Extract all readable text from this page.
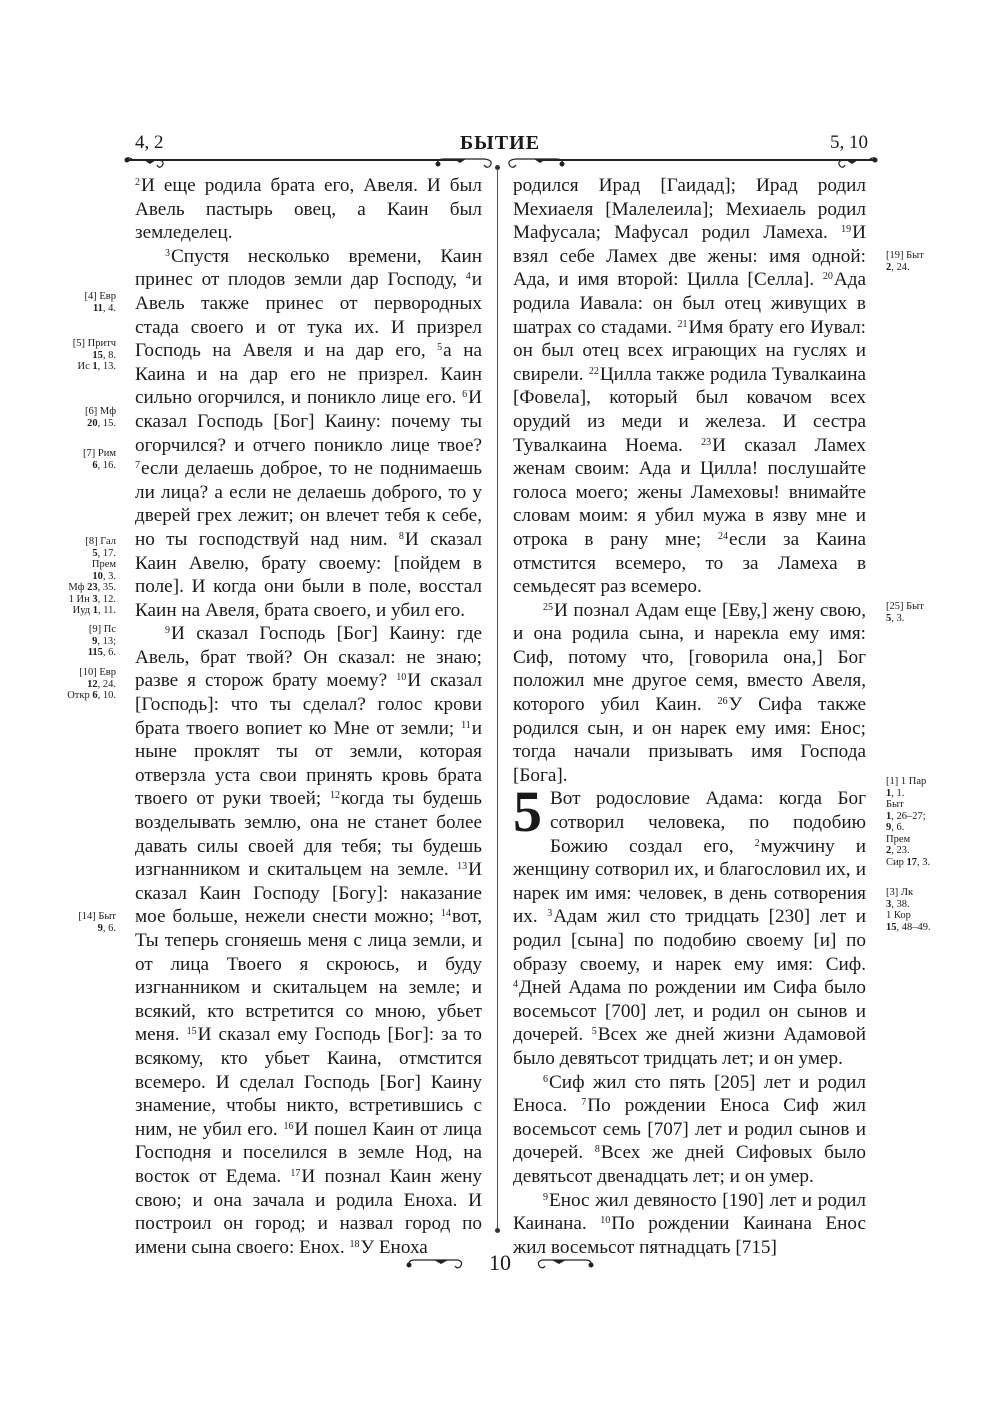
4, 2	БЫТИЕ	5, 10

$^2$И еще родила брата его, Авеля. И был Авель пастырь овец, а Каин был земледелец.

$^3$Спустя несколько времени, Каин принес от плодов земли дар Господу, $^4$и Авель также принес от первородных стада своего и от тука их. И призрел Господь на Авеля и на дар его, $^5$а на Каина и на дар его не призрел. Каин сильно огорчился, и поникло лице его. $^6$И сказал Господь [Бог] Каину: почему ты огорчился? и отчего поникло лице твое? $^7$если делаешь доброе, то не поднимаешь ли лица? а если не делаешь доброго, то у дверей грех лежит; он влечет тебя к себе, но ты господствуй над ним. $^8$И сказал Каин Авелю, брату своему: [пойдем в поле]. И когда они были в поле, восстал Каин на Авеля, брата своего, и убил его.

$^9$И сказал Господь [Бог] Каину: где Авель, брат твой? Он сказал: не знаю; разве я сторож брату моему? $^{10}$И сказал [Господь]: что ты сделал? голос крови брата твоего вопиет ко Мне от земли; $^{11}$и ныне проклят ты от земли, которая отверзла уста свои принять кровь брата твоего от руки твоей; $^{12}$когда ты будешь возделывать землю, она не станет более давать силы своей для тебя; ты будешь изгнанником и скитальцем на земле. $^{13}$И сказал Каин Господу [Богу]: наказание мое больше, нежели снести можно; $^{14}$вот, Ты теперь сгоняешь меня с лица земли, и от лица Твоего я скроюсь, и буду изгнанником и скитальцем на земле; и всякий, кто встретится со мною, убьет меня. $^{15}$И сказал ему Господь [Бог]: за то всякому, кто убьет Каина, отмстится всемеро. И сделал Господь [Бог] Каину знамение, чтобы никто, встретившись с ним, не убил его. $^{16}$И пошел Каин от лица Господня и поселился в земле Нод, на восток от Едема. $^{17}$И познал Каин жену свою; и она зачала и родила Еноха. И построил он город; и назвал город по имени сына своего: Енох. $^{18}$У Еноха

родился Ирад [Гаидад]; Ирад родил Мехиаеля [Малелеила]; Мехиаель родил Мафусала; Мафусал родил Ламеха. $^{19}$И взял себе Ламех две жены: имя одной: Ада, и имя второй: Цилла [Селла]. $^{20}$Ада родила Иавала: он был отец живущих в шатрах со стадами. $^{21}$Имя брату его Иувал: он был отец всех играющих на гуслях и свирели. $^{22}$Цилла также родила Тувалкаина [Фовела], который был ковачом всех орудий из меди и железа. И сестра Тувалкаина Ноема. $^{23}$И сказал Ламех женам своим: Ада и Цилла! послушайте голоса моего; жены Ламеховы! внимайте словам моим: я убил мужа в язву мне и отрока в рану мне; $^{24}$если за Каина отмстится всемеро, то за Ламеха в семьдесят раз всемеро.

$^{25}$И познал Адам еще [Еву,] жену свою, и она родила сына, и нарекла ему имя: Сиф, потому что, [говорила она,] Бог положил мне другое семя, вместо Авеля, которого убил Каин. $^{26}$У Сифа также родился сын, и он нарек ему имя: Енос; тогда начали призывать имя Господа [Бога].

5 Вот родословие Адама: когда Бог сотворил человека, по подобию Божию создал его, $^2$мужчину и женщину сотворил их, и благословил их, и нарек им имя: человек, в день сотворения их. $^3$Адам жил сто тридцать [230] лет и родил [сына] по подобию своему [и] по образу своему, и нарек ему имя: Сиф. $^4$Дней Адама по рождении им Сифа было восемьсот [700] лет, и родил он сынов и дочерей. $^5$Всех же дней жизни Адамовой было девятьсот тридцать лет; и он умер.

$^6$Сиф жил сто пять [205] лет и родил Еноса. $^7$По рождении Еноса Сиф жил восемьсот семь [707] лет и родил сынов и дочерей. $^8$Всех же дней Сифовых было девятьсот двенадцать лет; и он умер.

$^9$Енос жил девяносто [190] лет и родил Каинана. $^{10}$По рождении Каинана Енос жил восемьсот пятнадцать [715]

[4] Евр
11, 4.
[5] Притч
15, 8.
Ис 1, 13.
[6] Мф
20, 15.
[7] Рим
6, 16.
[8] Гал
5, 17.
Прем
10, 3.
Мф 23, 35.
1 Ин 3, 12.
Иуд 1, 11.
[9] Пс
9, 13;
115, 6.
[10] Евр
12, 24.
Откр 6, 10.
[14] Быт
9, 6.
[19] Быт
2, 24.
[25] Быт
5, 3.
[1] 1 Пар
1, 1.
Быт
1, 26–27;
9, 6.
Прем
2, 23.
Сир 17, 3.
[3] Лк
3, 38.
1 Кор
15, 48–49.
10
